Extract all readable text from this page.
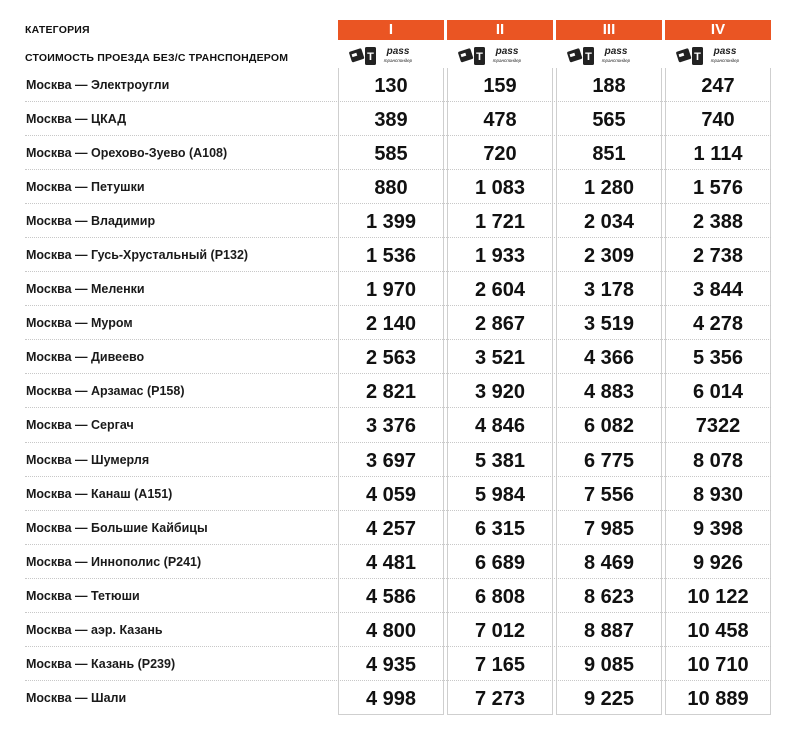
КАТЕГОРИЯ
СТОИМОСТЬ ПРОЕЗДА БЕЗ/С ТРАНСПОНДЕРОМ
I	II	III	IV
T pass
транспондер	T pass
транспондер	T pass
транспондер	T pass
транспондер
Москва — Электроугли	130	159	188	247
Москва — ЦКАД	389	478	565	740
Москва — Орехово-Зуево (А108)	585	720	851	1 114
Москва — Петушки	880	1 083	1 280	1 576
Москва — Владимир	1 399	1 721	2 034	2 388
Москва — Гусь-Хрустальный (Р132)	1 536	1 933	2 309	2 738
Москва — Меленки	1 970	2 604	3 178	3 844
Москва — Муром	2 140	2 867	3 519	4 278
Москва — Дивеево	2 563	3 521	4 366	5 356
Москва — Арзамас (Р158)	2 821	3 920	4 883	6 014
Москва — Сергач	3 376	4 846	6 082	7322
Москва — Шумерля	3 697	5 381	6 775	8 078
Москва — Канаш (А151)	4 059	5 984	7 556	8 930
Москва — Большие Кайбицы	4 257	6 315	7 985	9 398
Москва — Иннополис (Р241)	4 481	6 689	8 469	9 926
Москва — Тетюши	4 586	6 808	8 623	10 122
Москва — аэр. Казань	4 800	7 012	8 887	10 458
Москва — Казань (Р239)	4 935	7 165	9 085	10 710
Москва — Шали	4 998	7 273	9 225	10 889
